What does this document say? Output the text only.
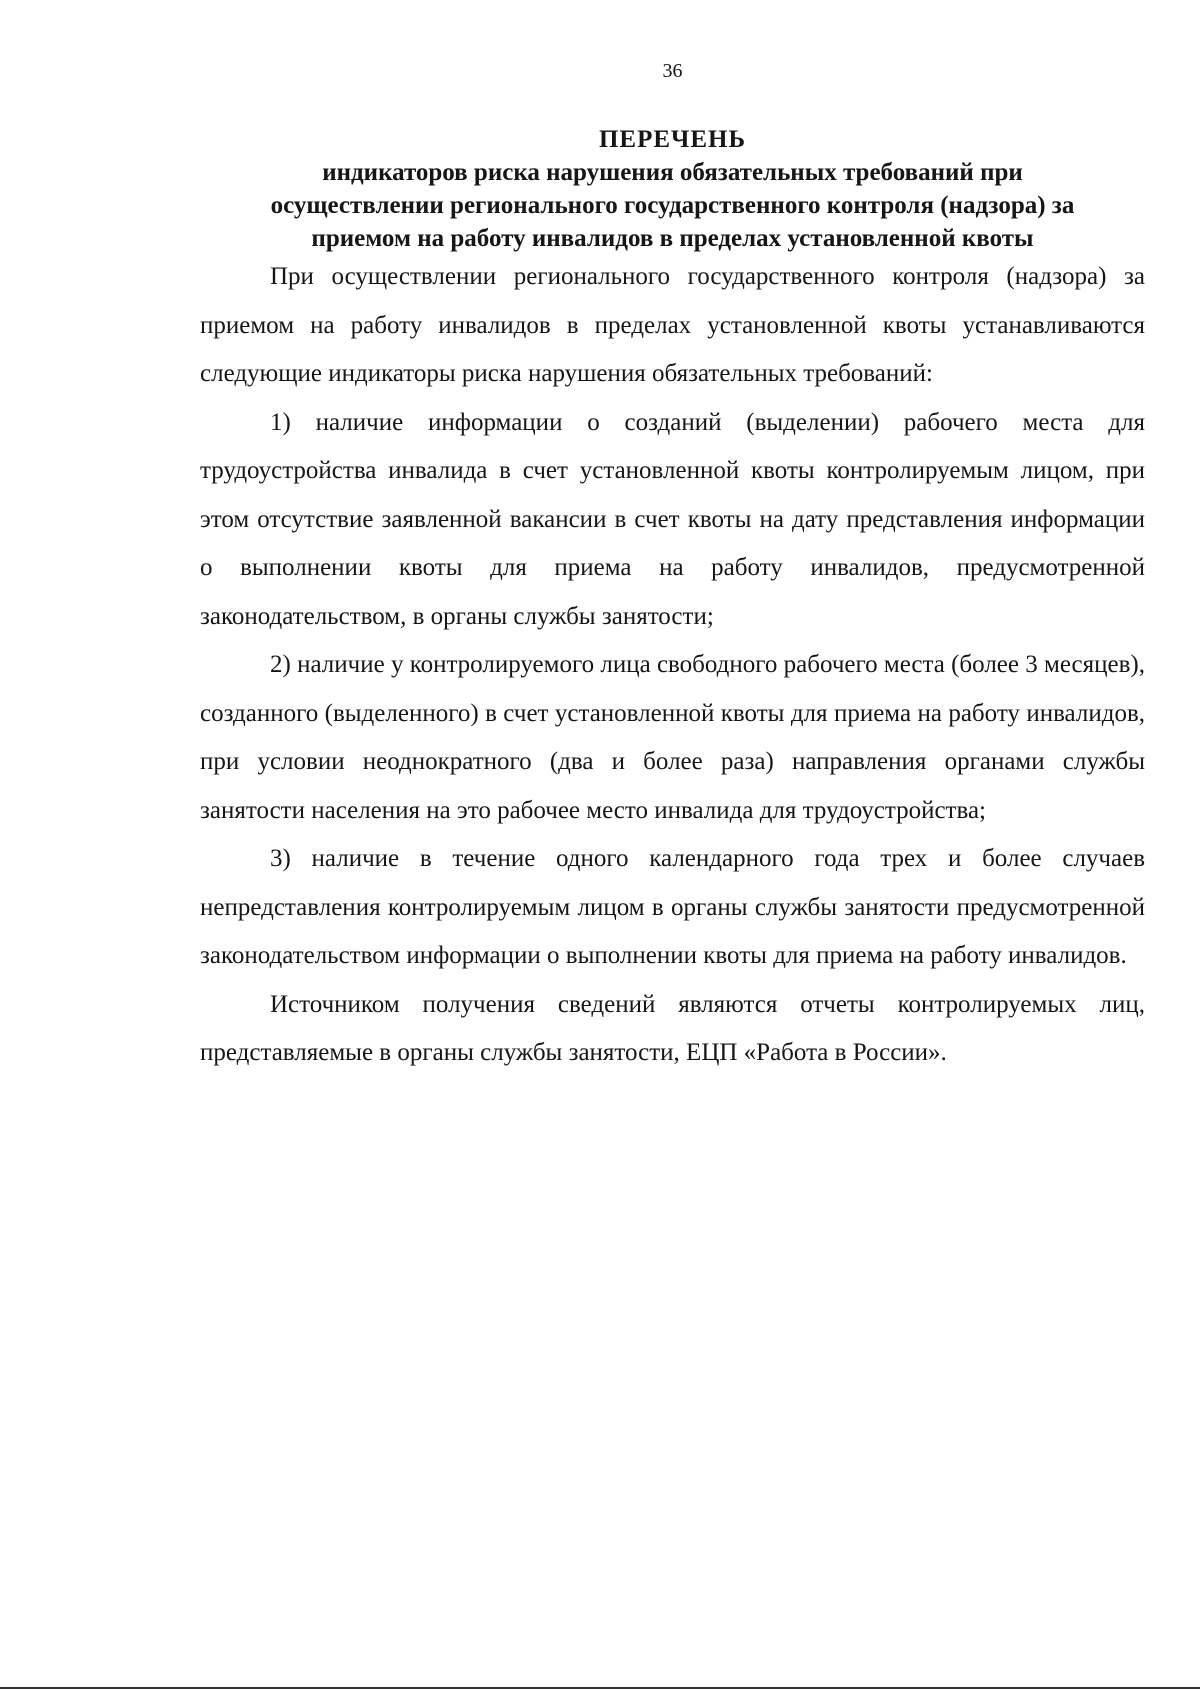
36
ПЕРЕЧЕНЬ
индикаторов риска нарушения обязательных требований при
осуществлении регионального государственного контроля (надзора) за
приемом на работу инвалидов в пределах установленной квоты

При осуществлении регионального государственного контроля (надзора) за приемом на работу инвалидов в пределах установленной квоты устанавливаются следующие индикаторы риска нарушения обязательных требований:

1) наличие информации о созданий (выделении) рабочего места для трудоустройства инвалида в счет установленной квоты контролируемым лицом, при этом отсутствие заявленной вакансии в счет квоты на дату представления информации о выполнении квоты для приема на работу инвалидов, предусмотренной законодательством, в органы службы занятости;

2) наличие у контролируемого лица свободного рабочего места (более 3 месяцев), созданного (выделенного) в счет установленной квоты для приема на работу инвалидов, при условии неоднократного (два и более раза) направления органами службы занятости населения на это рабочее место инвалида для трудоустройства;

3) наличие в течение одного календарного года трех и более случаев непредставления контролируемым лицом в органы службы занятости предусмотренной законодательством информации о выполнении квоты для приема на работу инвалидов.

Источником получения сведений являются отчеты контролируемых лиц, представляемые в органы службы занятости, ЕЦП «Работа в России».
